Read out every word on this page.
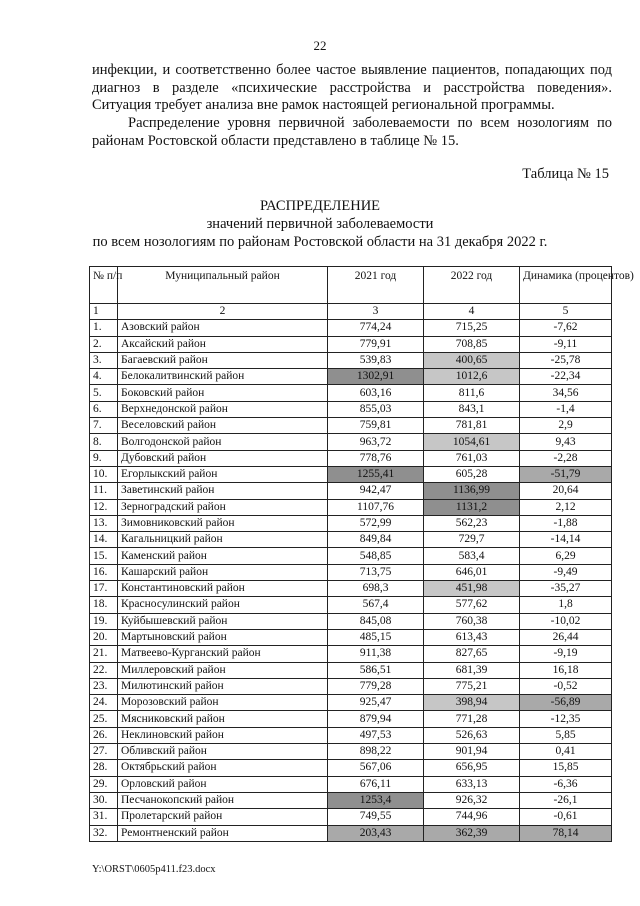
22
инфекции, и соответственно более частое выявление пациентов, попадающих под диагноз в разделе «психические расстройства и расстройства поведения». Ситуация требует анализа вне рамок настоящей региональной программы.
Распределение уровня первичной заболеваемости по всем нозологиям по районам Ростовской области представлено в таблице № 15.
Таблица № 15
РАСПРЕДЕЛЕНИЕ
значений первичной заболеваемости
по всем нозологиям по районам Ростовской области на 31 декабря 2022 г.
№ п/п	Муниципальный район	2021 год	2022 год	Динамика (процентов)
1	2	3	4	5
1.	Азовский район	774,24	715,25	-7,62
2.	Аксайский район	779,91	708,85	-9,11
3.	Багаевский район	539,83	400,65	-25,78
4.	Белокалитвинский район	1302,91	1012,6	-22,34
5.	Боковский район	603,16	811,6	34,56
6.	Верхнедонской район	855,03	843,1	-1,4
7.	Веселовский район	759,81	781,81	2,9
8.	Волгодонской район	963,72	1054,61	9,43
9.	Дубовский район	778,76	761,03	-2,28
10.	Егорлыкский район	1255,41	605,28	-51,79
11.	Заветинский район	942,47	1136,99	20,64
12.	Зерноградский район	1107,76	1131,2	2,12
13.	Зимовниковский район	572,99	562,23	-1,88
14.	Кагальницкий район	849,84	729,7	-14,14
15.	Каменский район	548,85	583,4	6,29
16.	Кашарский район	713,75	646,01	-9,49
17.	Константиновский район	698,3	451,98	-35,27
18.	Красносулинский район	567,4	577,62	1,8
19.	Куйбышевский район	845,08	760,38	-10,02
20.	Мартыновский район	485,15	613,43	26,44
21.	Матвеево-Курганский район	911,38	827,65	-9,19
22.	Миллеровский район	586,51	681,39	16,18
23.	Милютинский район	779,28	775,21	-0,52
24.	Морозовский район	925,47	398,94	-56,89
25.	Мясниковский район	879,94	771,28	-12,35
26.	Неклиновский район	497,53	526,63	5,85
27.	Обливский район	898,22	901,94	0,41
28.	Октябрьский район	567,06	656,95	15,85
29.	Орловский район	676,11	633,13	-6,36
30.	Песчанокопский район	1253,4	926,32	-26,1
31.	Пролетарский район	749,55	744,96	-0,61
32.	Ремонтненский район	203,43	362,39	78,14
Y:\ORST\0605p411.f23.docx
